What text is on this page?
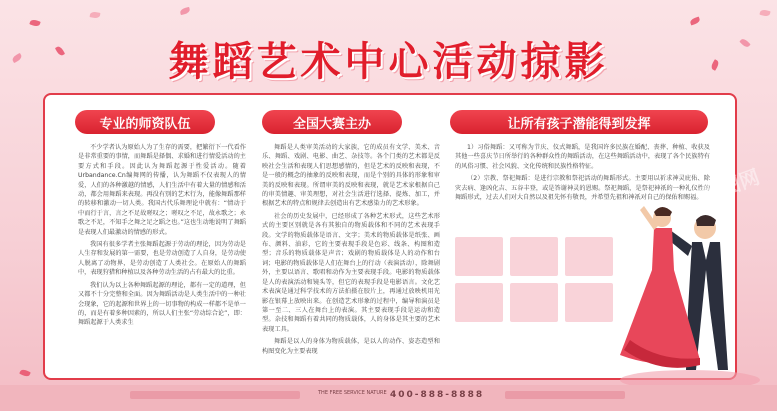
舞蹈艺术中心活动掠影
专业的师资队伍	全国大赛主办	让所有孩子潜能得到发挥

不少学者认为原始人为了生存的需要，把繁衍下一代看作是非常重要的事情，而舞蹈是择偶、求婚和进行情爱活动的主要方式和手段。因此认为舞蹈起源于性爱活动。随着Urbandance.Cn编舞网的传播，认为舞蹈不仅表现人的情爱，人们的各种激越的情感，人们生活中有着大量的情感和活动，都会用舞蹈来表现。再没有别的艺术行为，能像舞蹈那样的转移和激动一切人类。我国古代乐舞理论中就有：“情动于中而行于言，言之不足故嗟叹之；嗟叹之不足，故永歌之；永歌之不足，不知手之舞之足之蹈之也。”这也生动地说明了舞蹈是表现人们最激动的情感的形式。

我国有很多学者主张舞蹈起源于劳动的理论，因为劳动是人生存和发展的第一需要，也是劳动创造了人自身，是劳动使人脱离了动物界，是劳动创造了人类社会。在原始人的舞蹈中，表现狩猎和种植以及各种劳动生活的占有最大的比重。

我们认为以上各种舞蹈起源的理论，都有一定的道理，但又都不十分完整和全面。因为舞蹈活动是人类生活中的一种社会现象，它的起源和世界上的一切事物的构成一样都不是单一的，而是有着多种因素的，所以人们主张“劳动综合论”，即：舞蹈起源于人类求生

舞蹈是人类审美活动的大家族，它的成员有文学、美术、音乐、舞蹈、戏剧、电影、曲艺、杂技等。各个门类的艺术都是反映社会生活和表现人们思想感情的，但是艺术的反映和表现，不是一般的概念的抽象的反映和表现，而是个别的具体的形象和审美的反映和表现。所谓审美的反映和表现，就是艺术家根据自己的审美情趣、审美理想，对社会生活进行选择、提炼、加工，并根据艺术的特点和规律去创造出有艺术感染力的艺术形象。

社会的历史发展中，已经形成了各种艺术形式，这些艺术形式的主要区别就是各有其独自的物质载体和不同的艺术表现手段。文学的物质载体是语言、文字；美术的物质载体是纸张、画布、颜料、油彩，它的主要表现手段是色彩、线条、构图和造型；音乐的物质载体是声音；戏剧的物质载体是人的动作和台词；电影的物质载体是人们在舞台上的行动（表演活动），除舞剧外，主要以语言、歌唱和动作为主要表现手段。电影的物质载体是人的表演活动和镜头等，但它的表现手段是电影语言。文化艺术表演是通过科学技术的方法拍摄在胶片上，再通过放映机用光影在银幕上放映出来。在创造艺术形象的过程中，编导和演员是第一至二、三人在舞台上的表演。其主要表现手段是运动和造型。杂技和舞蹈有着共同的物质载体，人的身体是其主要的艺术表现工具。

舞蹈是以人的身体为物质载体，是以人的动作、姿态造型和构图变化为主要表现

1）习俗舞蹈：又可称为节庆、仪式舞蹈，是我国许多民族在婚配、丧葬、种植、收获及其他一些喜庆节日所举行的各种群众性的舞蹈活动，在这些舞蹈活动中，表现了各个民族特有的风俗习惯、社会风貌、文化传统和民族性格特征。

（2）宗教、祭祀舞蹈：是进行宗教和祭祀活动的舞蹈形式。主要用以祈求神灵庇佑、除灾去病、逢凶化吉、五谷丰登，或是答谢神灵的恩赐。祭祀舞蹈，是祭祀神祇的一种礼仪性的舞蹈形式，过去人们对大自然以及祖先怀有敬畏，并希望先祖和神祇对自己的保佑和赐福。

酷图网
THE FREE SERVICE NATURE 400-888-8888
